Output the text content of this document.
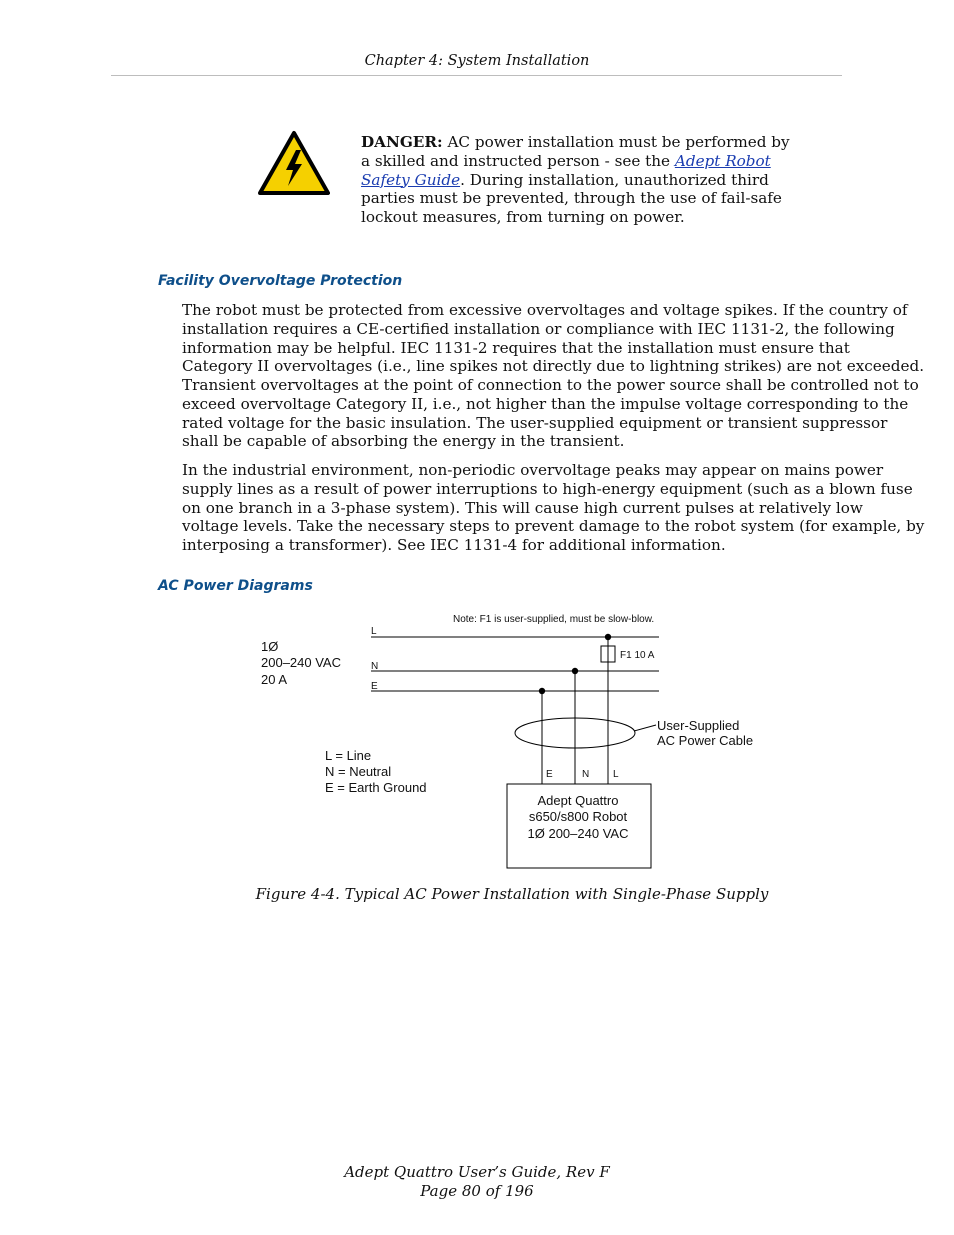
Chapter 4: System Installation
DANGER: AC power installation must be performed by
a skilled and instructed person - see the Adept Robot
Safety Guide. During installation, unauthorized third
parties must be prevented, through the use of fail-safe
lockout measures, from turning on power.
Facility Overvoltage Protection

The robot must be protected from excessive overvoltages and voltage spikes. If the country of

installation requires a CE-certified installation or compliance with IEC 1131-2, the following

information may be helpful. IEC 1131-2 requires that the installation must ensure that

Category II overvoltages (i.e., line spikes not directly due to lightning strikes) are not exceeded.

Transient overvoltages at the point of connection to the power source shall be controlled not to

exceed overvoltage Category II, i.e., not higher than the impulse voltage corresponding to the

rated voltage for the basic insulation. The user-supplied equipment or transient suppressor

shall be capable of absorbing the energy in the transient.

In the industrial environment, non-periodic overvoltage peaks may appear on mains power

supply lines as a result of power interruptions to high-energy equipment (such as a blown fuse

on one branch in a 3-phase system). This will cause high current pulses at relatively low

voltage levels. Take the necessary steps to prevent damage to the robot system (for example, by

interposing a transformer). See IEC 1131-4 for additional information.

AC Power Diagrams
1Ø
200–240 VAC
20 A
Note: F1 is user-supplied, must be slow-blow.
L
N
E
F1 10 A
User-Supplied
AC Power Cable
L = Line
N = Neutral
E = Earth Ground
E	N L
Adept Quattro
s650/s800 Robot
1Ø 200–240 VAC
Figure 4-4. Typical AC Power Installation with Single-Phase Supply
Adept Quattro User’s Guide, Rev F
Page 80 of 196
